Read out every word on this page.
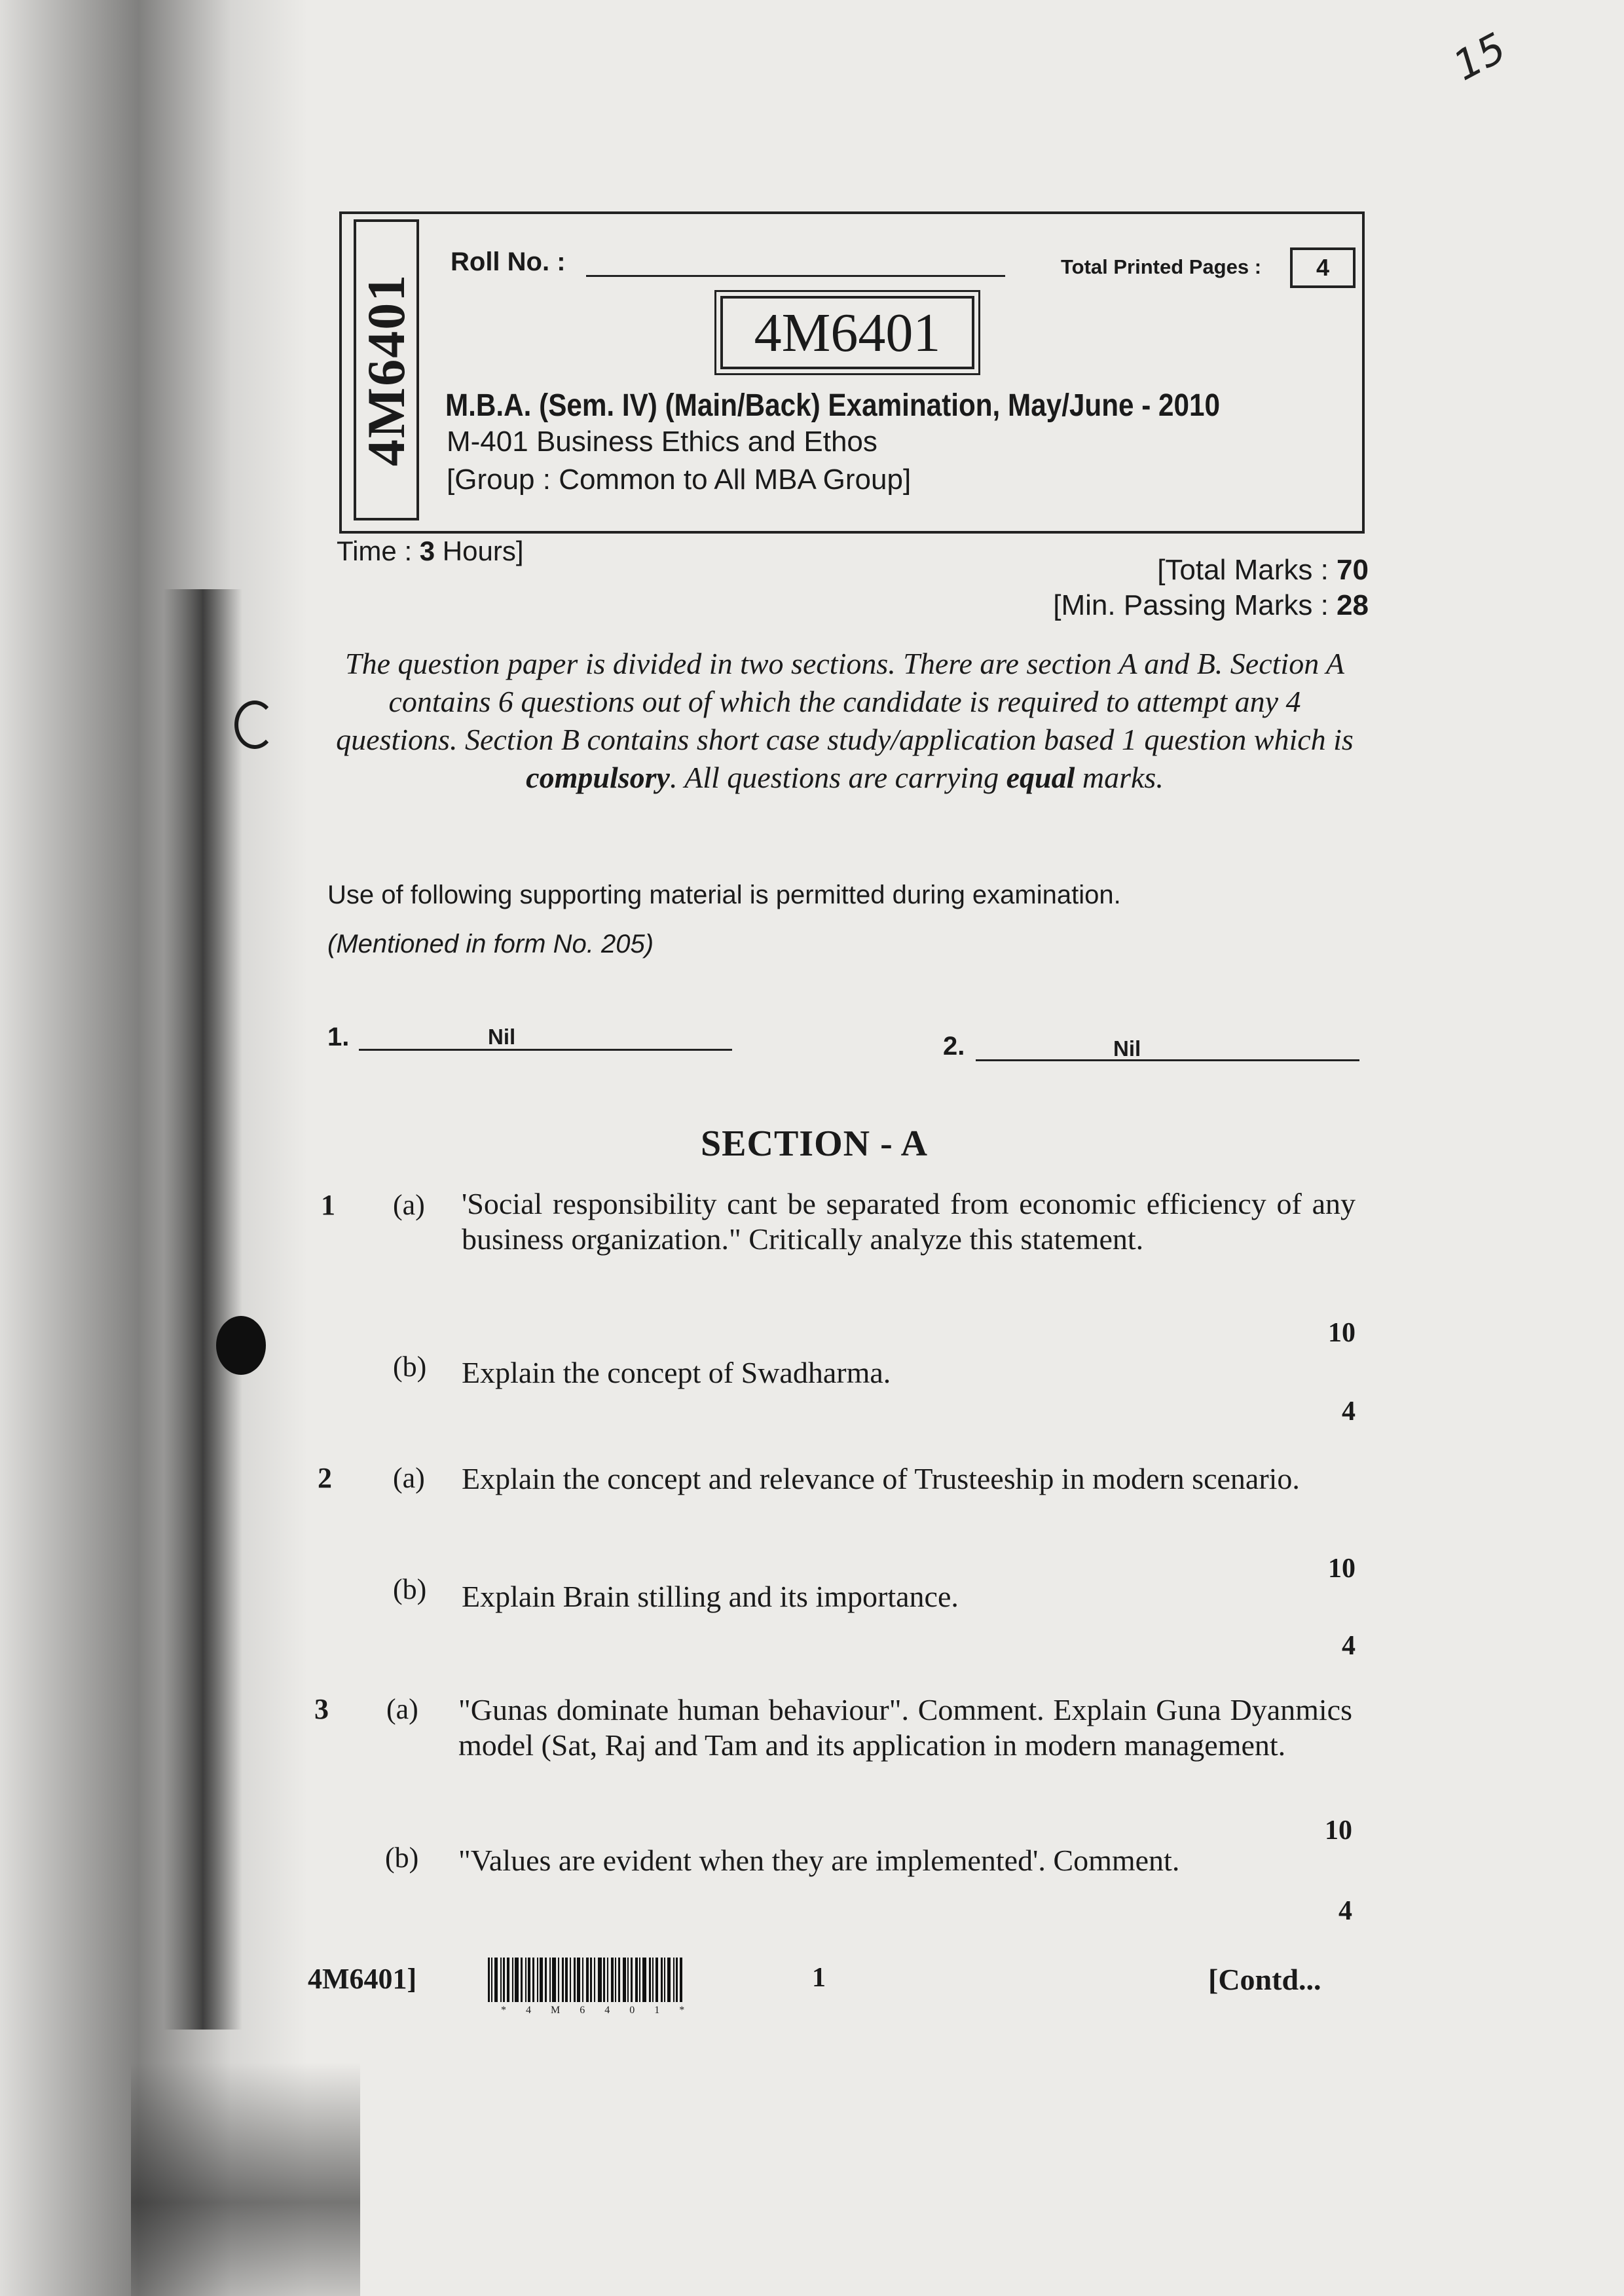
15
4M6401
Roll No. :	Total Printed Pages :	4
4M6401
M.B.A. (Sem. IV) (Main/Back) Examination, May/June - 2010
M-401 Business Ethics and Ethos
[Group : Common to All MBA Group]
Time : 3 Hours]
[Total Marks : 70
[Min. Passing Marks : 28
The question paper is divided in two sections. There are section A and B. Section A contains 6 questions out of which the candidate is required to attempt any 4 questions. Section B contains short case study/application based 1 question which is compulsory. All questions are carrying equal marks.
Use of following supporting material is permitted during examination.
(Mentioned in form No. 205)
1.	Nil	2.	Nil
SECTION - A
1 (a) 'Social responsibility cant be separated from economic efficiency of any business organization." Critically analyze this statement.
10
(b) Explain the concept of Swadharma.
4
2 (a) Explain the concept and relevance of Trusteeship in modern scenario.
10
(b) Explain Brain stilling and its importance.
4
3 (a) "Gunas dominate human behaviour". Comment. Explain Guna Dyanmics model (Sat, Raj and Tam and its application in modern management.
10
(b) "Values are evident when they are implemented'. Comment.
4
4M6401]
*4M6401*
1	[Contd...
